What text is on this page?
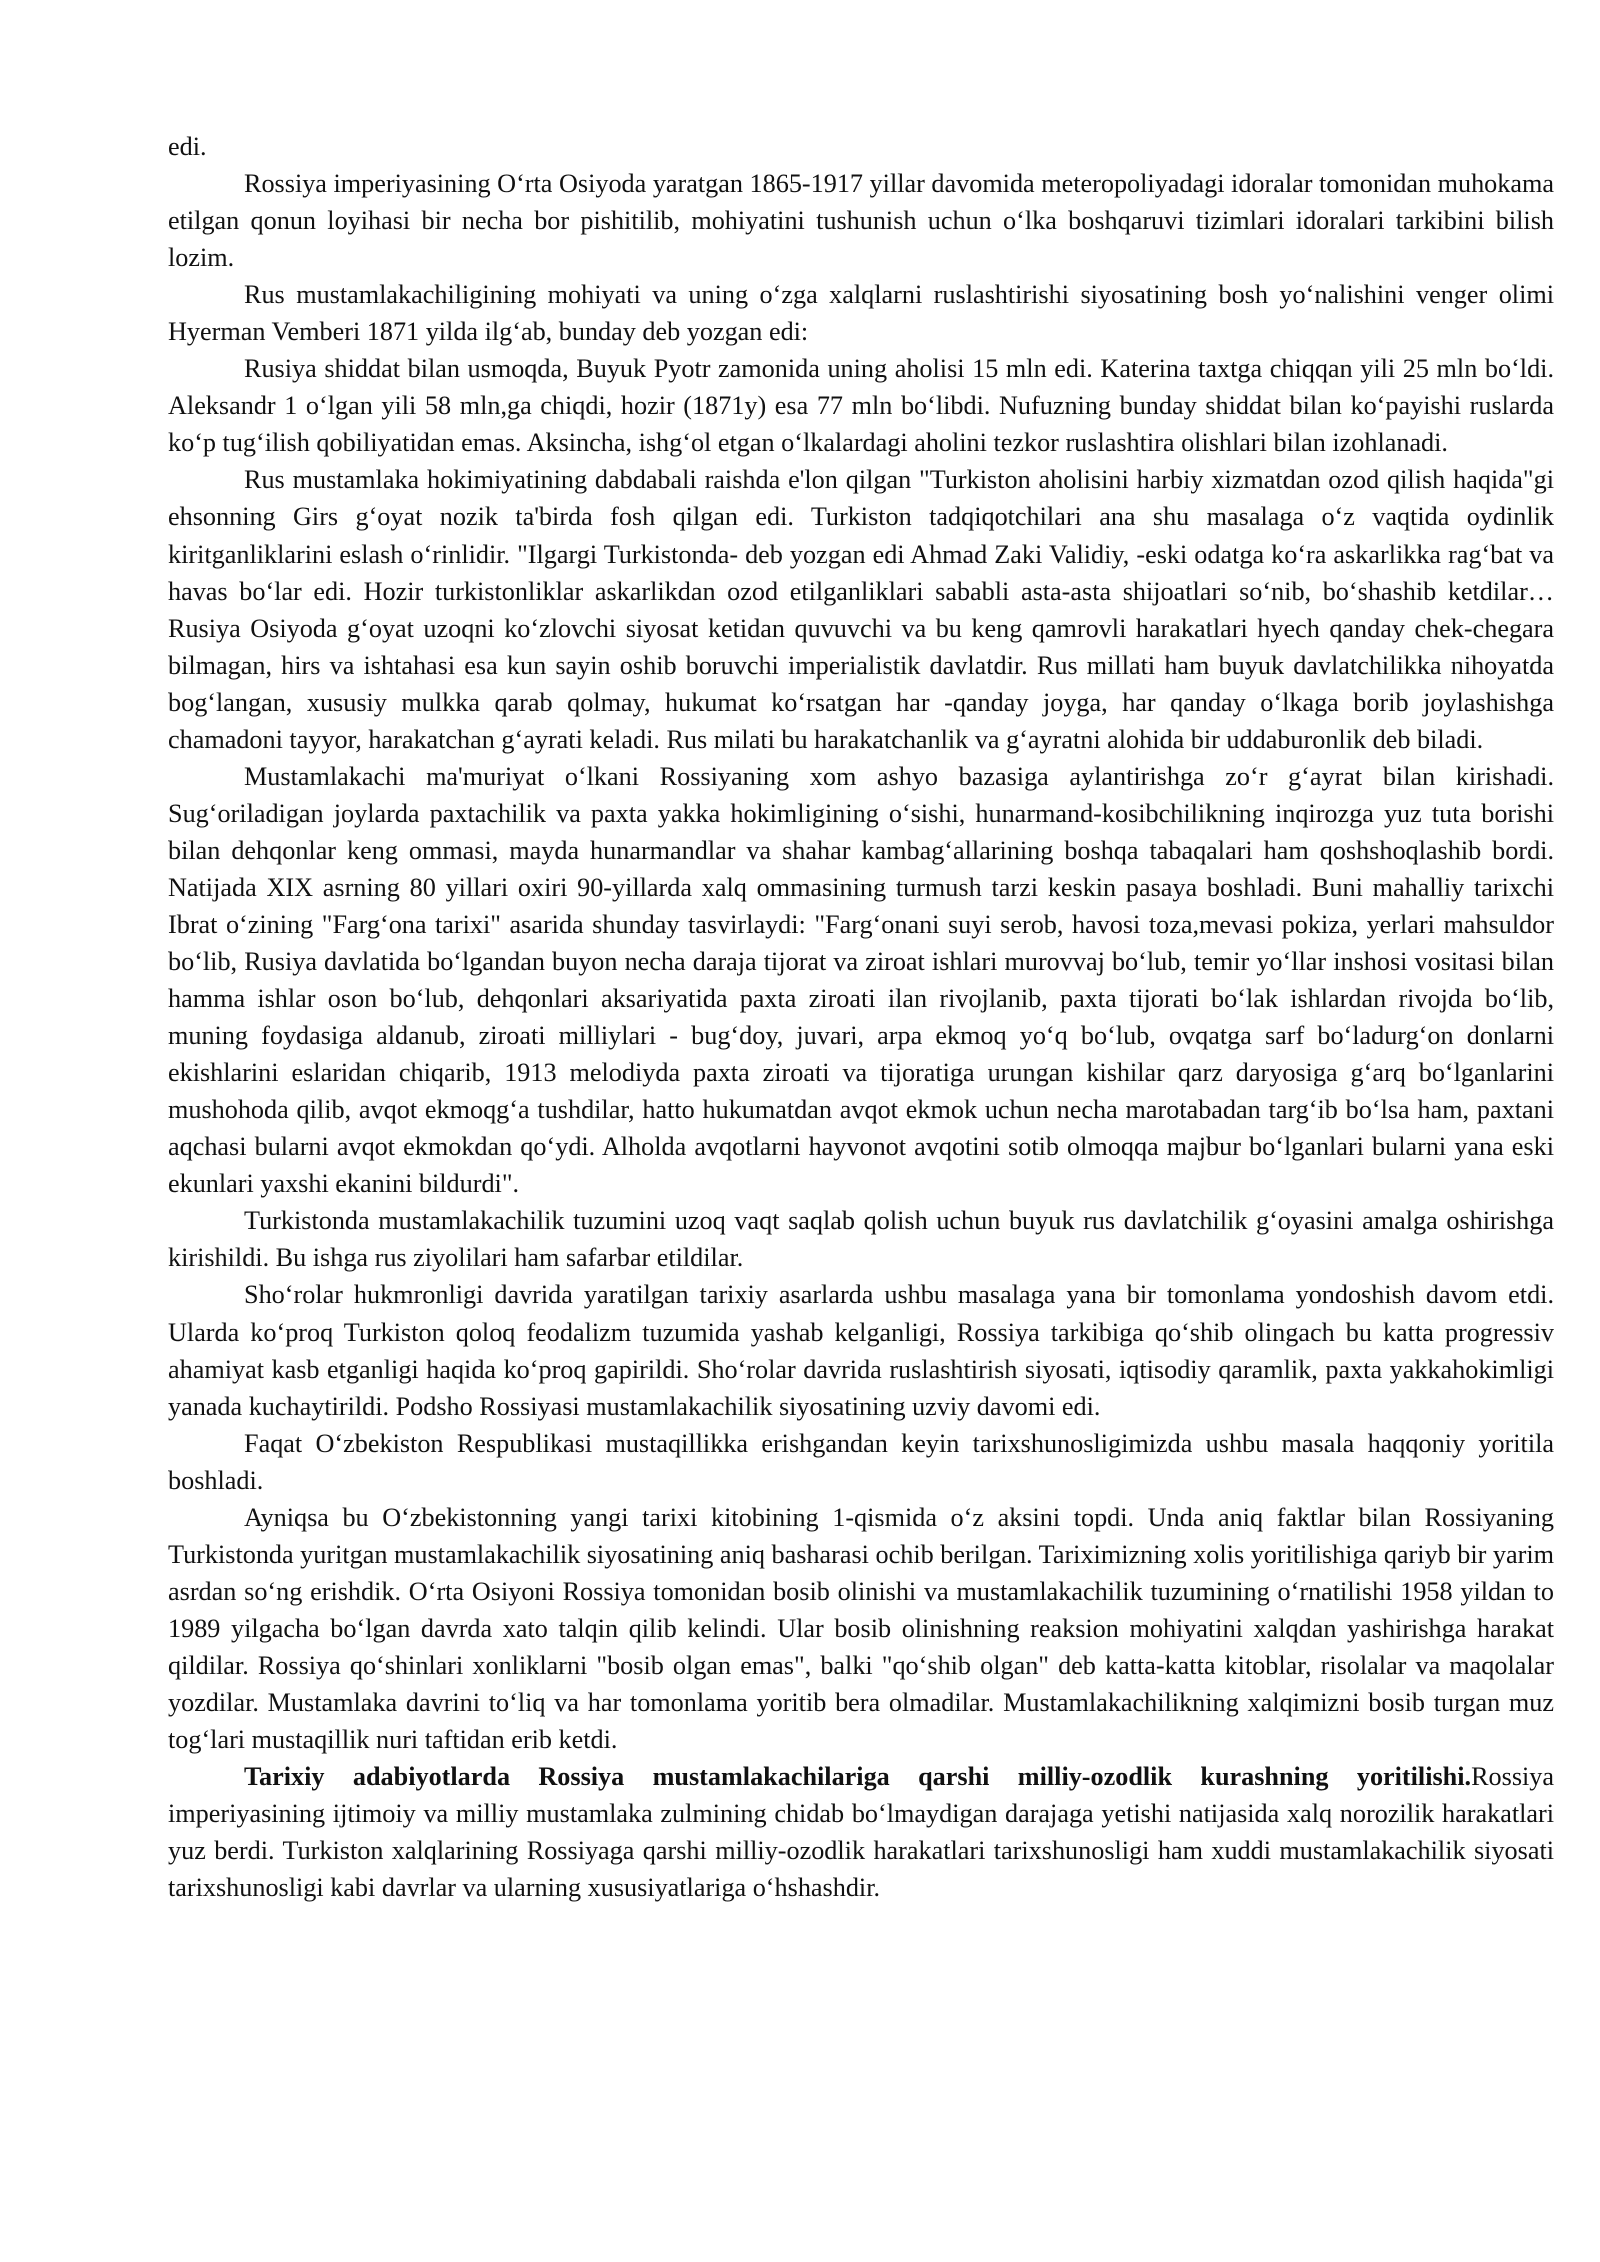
edi.

Rossiya imperiyasining O‘rta Osiyoda yaratgan 1865-1917 yillar davomida meteropoliyadagi idoralar tomonidan muhokama etilgan qonun loyihasi bir necha bor pishitilib, mohiyatini tushunish uchun o‘lka boshqaruvi tizimlari idoralari tarkibini bilish lozim.

Rus mustamlakachiligining mohiyati va uning o‘zga xalqlarni ruslashtirishi siyosatining bosh yo‘nalishini venger olimi Hyerman Vemberi 1871 yilda ilg‘ab, bunday deb yozgan edi:

Rusiya shiddat bilan usmoqda, Buyuk Pyotr zamonida uning aholisi 15 mln edi. Katerina taxtga chiqqan yili 25 mln bo‘ldi. Aleksandr 1 o‘lgan yili 58 mln,ga chiqdi, hozir (1871y) esa 77 mln bo‘libdi. Nufuzning bunday shiddat bilan ko‘payishi ruslarda ko‘p tug‘ilish qobiliyatidan emas. Aksincha, ishg‘ol etgan o‘lkalardagi aholini tezkor ruslashtira olishlari bilan izohlanadi.

Rus mustamlaka hokimiyatining dabdabali raishda e'lon qilgan "Turkiston aholisini harbiy xizmatdan ozod qilish haqida"gi ehsonning Girs g‘oyat nozik ta'birda fosh qilgan edi. Turkiston tadqiqotchilari ana shu masalaga o‘z vaqtida oydinlik kiritganliklarini eslash o‘rinlidir. "Ilgargi Turkistonda- deb yozgan edi Ahmad Zaki Validiy, -eski odatga ko‘ra askarlikka rag‘bat va havas bo‘lar edi. Hozir turkistonliklar askarlikdan ozod etilganliklari sababli asta-asta shijoatlari so‘nib, bo‘shashib ketdilar… Rusiya Osiyoda g‘oyat uzoqni ko‘zlovchi siyosat ketidan quvuvchi va bu keng qamrovli harakatlari hyech qanday chek-chegara bilmagan, hirs va ishtahasi esa kun sayin oshib boruvchi imperialistik davlatdir. Rus millati ham buyuk davlatchilikka nihoyatda bog‘langan, xususiy mulkka qarab qolmay, hukumat ko‘rsatgan har -qanday joyga, har qanday o‘lkaga borib joylashishga chamadoni tayyor, harakatchan g‘ayrati keladi. Rus milati bu harakatchanlik va g‘ayratni alohida bir uddaburonlik deb biladi.

Mustamlakachi ma'muriyat o‘lkani Rossiyaning xom ashyo bazasiga aylantirishga zo‘r g‘ayrat bilan kirishadi. Sug‘oriladigan joylarda paxtachilik va paxta yakka hokimligining o‘sishi, hunarmand-kosibchilikning inqirozga yuz tuta borishi bilan dehqonlar keng ommasi, mayda hunarmandlar va shahar kambag‘allarining boshqa tabaqalari ham qoshshoqlashib bordi. Natijada XIX asrning 80 yillari oxiri 90-yillarda xalq ommasining turmush tarzi keskin pasaya boshladi. Buni mahalliy tarixchi Ibrat o‘zining "Farg‘ona tarixi" asarida shunday tasvirlaydi: "Farg‘onani suyi serob, havosi toza,mevasi pokiza, yerlari mahsuldor bo‘lib, Rusiya davlatida bo‘lgandan buyon necha daraja tijorat va ziroat ishlari murovvaj bo‘lub, temir yo‘llar inshosi vositasi bilan hamma ishlar oson bo‘lub, dehqonlari aksariyatida paxta ziroati ilan rivojlanib, paxta tijorati bo‘lak ishlardan rivojda bo‘lib, muning foydasiga aldanub, ziroati milliylari - bug‘doy, juvari, arpa ekmoq yo‘q bo‘lub, ovqatga sarf bo‘ladurg‘on donlarni ekishlarini eslaridan chiqarib, 1913 melodiyda paxta ziroati va tijoratiga urungan kishilar qarz daryosiga g‘arq bo‘lganlarini mushohoda qilib, avqot ekmoqg‘a tushdilar, hatto hukumatdan avqot ekmok uchun necha marotabadan targ‘ib bo‘lsa ham, paxtani aqchasi bularni avqot ekmokdan qo‘ydi. Alholda avqotlarni hayvonot avqotini sotib olmoqqa majbur bo‘lganlari bularni yana eski ekunlari yaxshi ekanini bildurdi".

Turkistonda mustamlakachilik tuzumini uzoq vaqt saqlab qolish uchun buyuk rus davlatchilik g‘oyasini amalga oshirishga kirishildi. Bu ishga rus ziyolilari ham safarbar etildilar.

Sho‘rolar hukmronligi davrida yaratilgan tarixiy asarlarda ushbu masalaga yana bir tomonlama yondoshish davom etdi. Ularda ko‘proq Turkiston qoloq feodalizm tuzumida yashab kelganligi, Rossiya tarkibiga qo‘shib olingach bu katta progressiv ahamiyat kasb etganligi haqida ko‘proq gapirildi. Sho‘rolar davrida ruslashtirish siyosati, iqtisodiy qaramlik, paxta yakkahokimligi yanada kuchaytirildi. Podsho Rossiyasi mustamlakachilik siyosatining uzviy davomi edi.

Faqat O‘zbekiston Respublikasi mustaqillikka erishgandan keyin tarixshunosligimizda ushbu masala haqqoniy yoritila boshladi.

Ayniqsa bu O‘zbekistonning yangi tarixi kitobining 1-qismida o‘z aksini topdi. Unda aniq faktlar bilan Rossiyaning Turkistonda yuritgan mustamlakachilik siyosatining aniq basharasi ochib berilgan. Tariximizning xolis yoritilishiga qariyb bir yarim asrdan so‘ng erishdik. O‘rta Osiyoni Rossiya tomonidan bosib olinishi va mustamlakachilik tuzumining o‘rnatilishi 1958 yildan to 1989 yilgacha bo‘lgan davrda xato talqin qilib kelindi. Ular bosib olinishning reaksion mohiyatini xalqdan yashirishga harakat qildilar. Rossiya qo‘shinlari xonliklarni "bosib olgan emas", balki "qo‘shib olgan" deb katta-katta kitoblar, risolalar va maqolalar yozdilar. Mustamlaka davrini to‘liq va har tomonlama yoritib bera olmadilar. Mustamlakachilikning xalqimizni bosib turgan muz tog‘lari mustaqillik nuri taftidan erib ketdi.

Tarixiy adabiyotlarda Rossiya mustamlakachilariga qarshi milliy-ozodlik kurashning yoritilishi.Rossiya imperiyasining ijtimoiy va milliy mustamlaka zulmining chidab bo‘lmaydigan darajaga yetishi natijasida xalq norozilik harakatlari yuz berdi. Turkiston xalqlarining Rossiyaga qarshi milliy-ozodlik harakatlari tarixshunosligi ham xuddi mustamlakachilik siyosati tarixshunosligi kabi davrlar va ularning xususiyatlariga o‘hshashdir.
